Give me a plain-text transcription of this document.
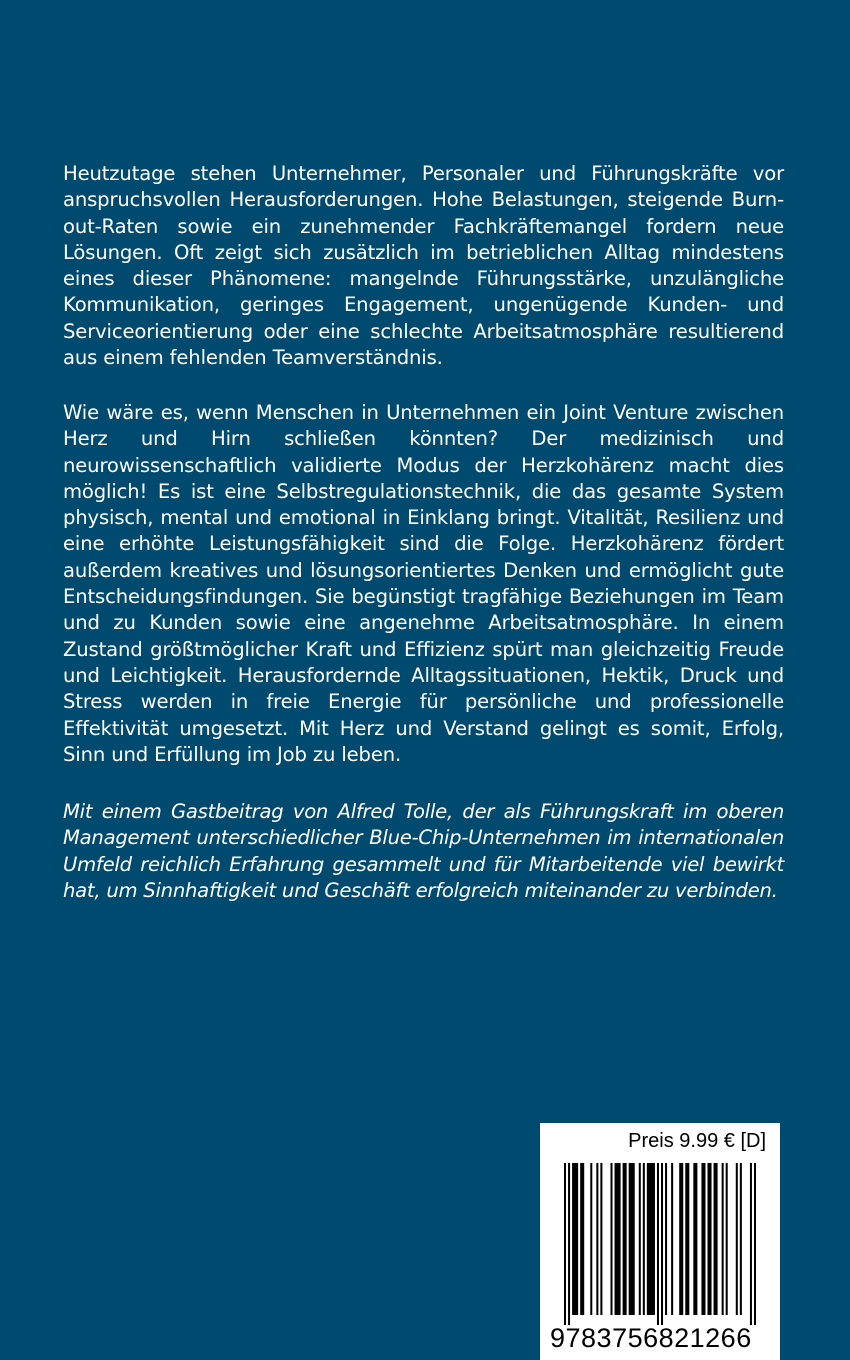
Heutzutage stehen Unternehmer, Personaler und Führungskräfte vor anspruchsvollen Herausforderungen. Hohe Belastungen, steigende Burn-out-Raten sowie ein zunehmender Fachkräftemangel fordern neue Lösungen. Oft zeigt sich zusätzlich im betrieblichen Alltag mindestens eines dieser Phänomene: mangelnde Führungsstärke, unzulängliche Kommunikation, geringes Engagement, ungenügende Kunden- und Serviceorientierung oder eine schlechte Arbeitsatmosphäre resultierend aus einem fehlenden Teamverständnis.

Wie wäre es, wenn Menschen in Unternehmen ein Joint Venture zwischen Herz und Hirn schließen könnten? Der medizinisch und neurowissenschaftlich validierte Modus der Herzkohärenz macht dies möglich! Es ist eine Selbstregulationstechnik, die das gesamte System physisch, mental und emotional in Einklang bringt. Vitalität, Resilienz und eine erhöhte Leistungsfähigkeit sind die Folge. Herzkohärenz fördert außerdem kreatives und lösungsorientiertes Denken und ermöglicht gute Entscheidungsfindungen. Sie begünstigt tragfähige Beziehungen im Team und zu Kunden sowie eine angenehme Arbeitsatmosphäre. In einem Zustand größtmöglicher Kraft und Effizienz spürt man gleichzeitig Freude und Leichtigkeit. Herausfordernde Alltagssituationen, Hektik, Druck und Stress werden in freie Energie für persönliche und professionelle Effektivität umgesetzt. Mit Herz und Verstand gelingt es somit, Erfolg, Sinn und Erfüllung im Job zu leben.

Mit einem Gastbeitrag von Alfred Tolle, der als Führungskraft im oberen Management unterschiedlicher Blue-Chip-Unternehmen im internationalen Umfeld reichlich Erfahrung gesammelt und für Mitarbeitende viel bewirkt hat, um Sinnhaftigkeit und Geschäft erfolgreich miteinander zu verbinden.

Preis 9.99 € [D]
9783756821266
